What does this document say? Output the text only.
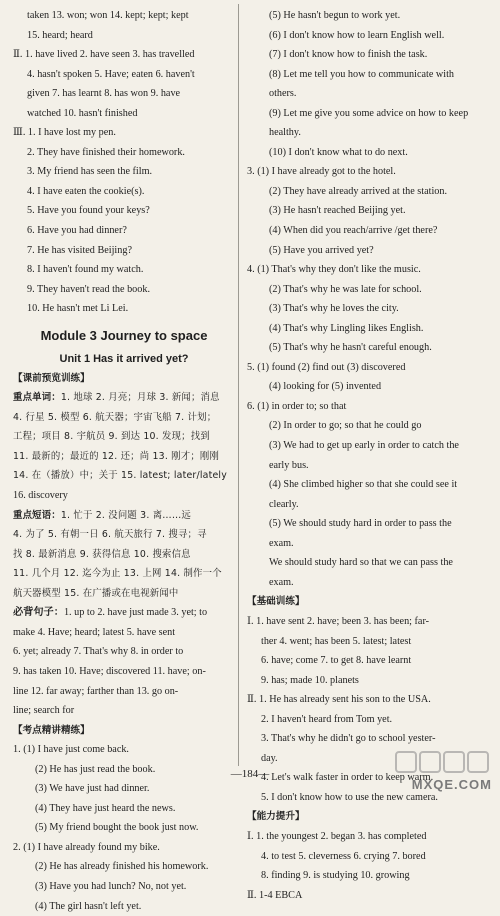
taken 13. won; won 14. kept; kept; kept
15. heard; heard
Ⅱ. 1. have lived 2. have seen 3. has travelled
4. hasn't spoken 5. Have; eaten 6. haven't
given 7. has learnt 8. has won 9. have
watched 10. hasn't finished
Ⅲ. 1. I have lost my pen.
2. They have finished their homework.
3. My friend has seen the film.
4. I have eaten the cookie(s).
5. Have you found your keys?
6. Have you had dinner?
7. He has visited Beijing?
8. I haven't found my watch.
9. They haven't read the book.
10. He hasn't met Li Lei.
Module 3 Journey to space
Unit 1 Has it arrived yet?
【课前预览训练】
重点单词：1. 地球 2. 月亮；月球 3. 新闻；消息
4. 行星 5. 模型 6. 航天器；宇宙飞船 7. 计划；
工程；项目 8. 宇航员 9. 到达 10. 发现；找到
11. 最新的；最近的 12. 还；尚 13. 刚才；刚刚
14. 在（播放）中；关于 15. latest; later/lately
16. discovery
重点短语：1. 忙于 2. 没问题 3. 离……远
4. 为了 5. 有朝一日 6. 航天旅行 7. 搜寻；寻
找 8. 最新消息 9. 获得信息 10. 搜索信息
11. 几个月 12. 迄今为止 13. 上网 14. 制作一个
航天器模型 15. 在广播或在电视新闻中
必背句子：1. up to 2. have just made 3. yet; to
make 4. Have; heard; latest 5. have sent
6. yet; already 7. That's why 8. in order to
9. has taken 10. Have; discovered 11. have; on-
line 12. far away; farther than 13. go on-
line; search for
【考点精讲精练】
1. (1) I have just come back.
(2) He has just read the book.
(3) We have just had dinner.
(4) They have just heard the news.
(5) My friend bought the book just now.
2. (1) I have already found my bike.
(2) He has already finished his homework.
(3) Have you had lunch? No, not yet.
(4) The girl hasn't left yet.
(5) He hasn't begun to work yet.
(6) I don't know how to learn English well.
(7) I don't know how to finish the task.
(8) Let me tell you how to communicate with
others.
(9) Let me give you some advice on how to keep
healthy.
(10) I don't know what to do next.
3. (1) I have already got to the hotel.
(2) They have already arrived at the station.
(3) He hasn't reached Beijing yet.
(4) When did you reach/arrive /get there?
(5) Have you arrived yet?
4. (1) That's why they don't like the music.
(2) That's why he was late for school.
(3) That's why he loves the city.
(4) That's why Lingling likes English.
(5) That's why he hasn't careful enough.
5. (1) found (2) find out (3) discovered
(4) looking for (5) invented
6. (1) in order to; so that
(2) In order to go; so that he could go
(3) We had to get up early in order to catch the
early bus.
(4) She climbed higher so that she could see it
clearly.
(5) We should study hard in order to pass the
exam.
We should study hard so that we can pass the
exam.
【基础训练】
Ⅰ. 1. have sent 2. have; been 3. has been; far-
ther 4. went; has been 5. latest; latest
6. have; come 7. to get 8. have learnt
9. has; made 10. planets
Ⅱ. 1. He has already sent his son to the USA.
2. I haven't heard from Tom yet.
3. That's why he didn't go to school yester-
day.
4. Let's walk faster in order to keep warm.
5. I don't know how to use the new camera.
【能力提升】
Ⅰ. 1. the youngest 2. began 3. has completed
4. to test 5. cleverness 6. crying 7. bored
8. finding 9. is studying 10. growing
Ⅱ. 1-4 EBCA
—184—
MXQE.COM
